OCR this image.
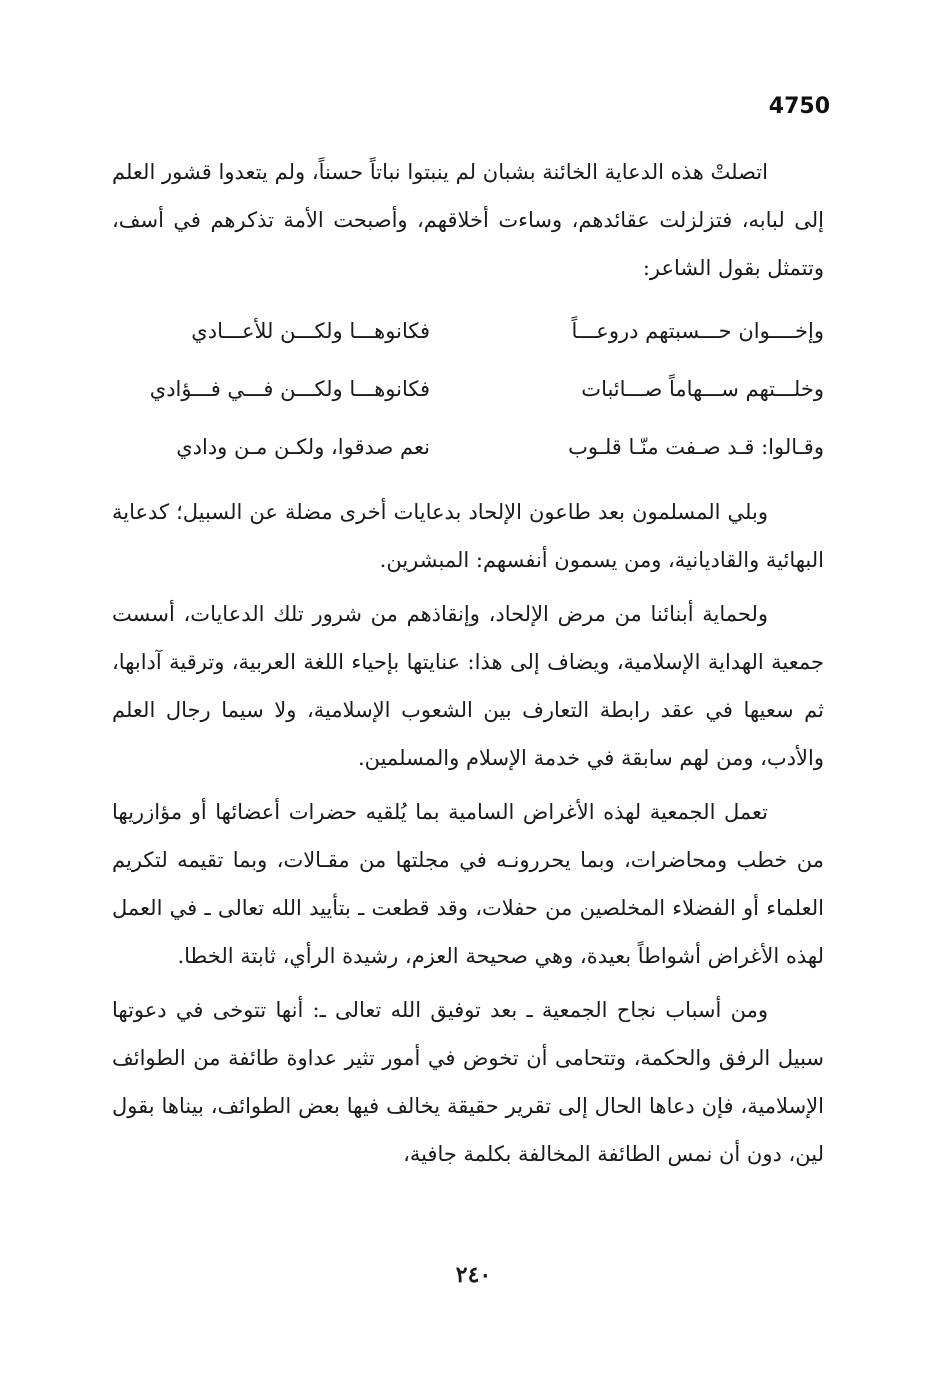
4750

اتصلتْ هذه الدعاية الخائنة بشبان لم ينبتوا نباتاً حسناً، ولم يتعدوا قشور العلم إلى لبابه، فتزلزلت عقائدهم، وساءت أخلاقهم، وأصبحت الأمة تذكرهم في أسف، وتتمثل بقول الشاعر:

وإخــــوان حـــسبتهم دروعـــاً
فكانوهـــا ولكـــن للأعـــادي
وخلـــتهم ســـهاماً صـــائبات
فكانوهـــا ولكـــن فـــي فـــؤادي
وقـالوا: قـد صـفت منّـا قلـوب
نعم صدقوا، ولكـن مـن ودادي

وبلي المسلمون بعد طاعون الإلحاد بدعايات أخرى مضلة عن السبيل؛ كدعاية البهائية والقاديانية، ومن يسمون أنفسهم: المبشرين.

ولحماية أبنائنا من مرض الإلحاد، وإنقاذهم من شرور تلك الدعايات، أسست جمعية الهداية الإسلامية، ويضاف إلى هذا: عنايتها بإحياء اللغة العربية، وترقية آدابها، ثم سعيها في عقد رابطة التعارف بين الشعوب الإسلامية، ولا سيما رجال العلم والأدب، ومن لهم سابقة في خدمة الإسلام والمسلمين.

تعمل الجمعية لهذه الأغراض السامية بما يُلقيه حضرات أعضائها أو مؤازريها من خطب ومحاضرات، وبما يحررونـه في مجلتها من مقـالات، وبما تقيمه لتكريم العلماء أو الفضلاء المخلصين من حفلات، وقد قطعت ـ بتأييد الله تعالى ـ في العمل لهذه الأغراض أشواطاً بعيدة، وهي صحيحة العزم، رشيدة الرأي، ثابتة الخطا.

ومن أسباب نجاح الجمعية ـ بعد توفيق الله تعالى ـ: أنها تتوخى في دعوتها سبيل الرفق والحكمة، وتتحامى أن تخوض في أمور تثير عداوة طائفة من الطوائف الإسلامية، فإن دعاها الحال إلى تقرير حقيقة يخالف فيها بعض الطوائف، بيناها بقول لين، دون أن نمس الطائفة المخالفة بكلمة جافية،

٢٤٠
